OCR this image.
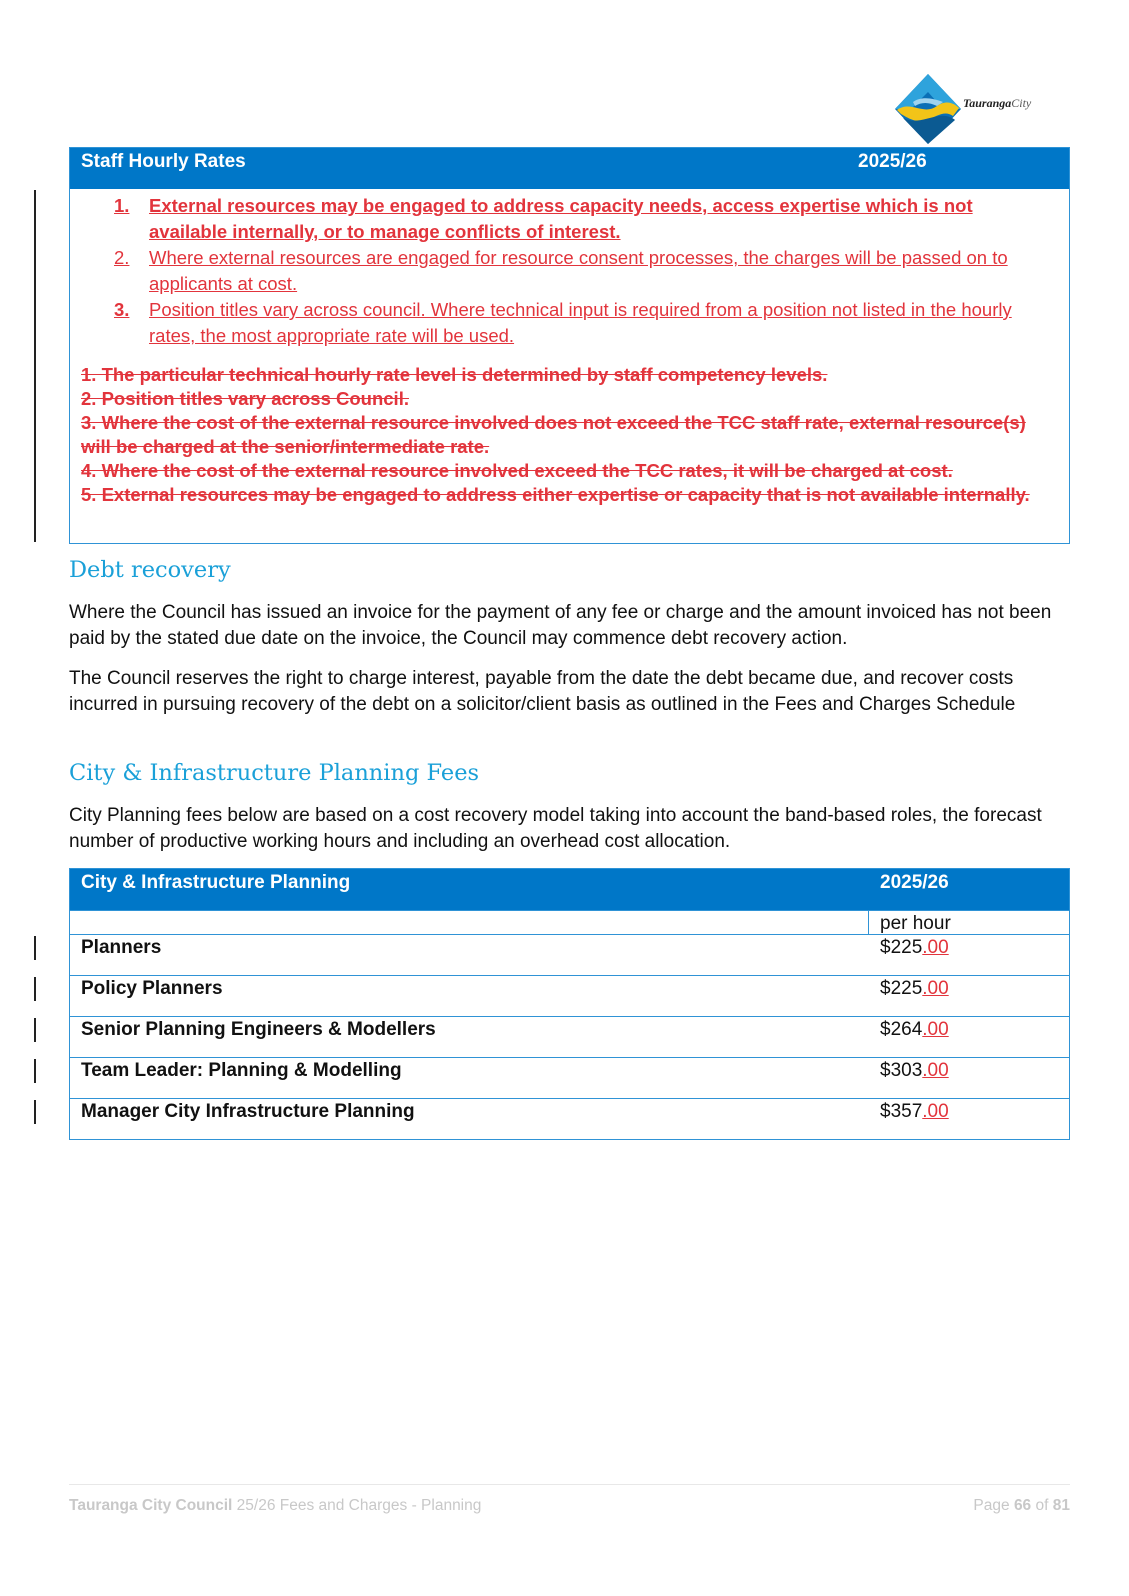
TaurangaCity
Staff Hourly Rates	2025/26
1. External resources may be engaged to address capacity needs, access expertise which is not available internally, or to manage conflicts of interest.
2. Where external resources are engaged for resource consent processes, the charges will be passed on to applicants at cost.
3. Position titles vary across council. Where technical input is required from a position not listed in the hourly rates, the most appropriate rate will be used.

1. The particular technical hourly rate level is determined by staff competency levels.

2. Position titles vary across Council.

3. Where the cost of the external resource involved does not exceed the TCC staff rate, external resource(s) will be charged at the senior/intermediate rate.

4. Where the cost of the external resource involved exceed the TCC rates, it will be charged at cost.

5. External resources may be engaged to address either expertise or capacity that is not available internally.

Debt recovery

Where the Council has issued an invoice for the payment of any fee or charge and the amount invoiced has not been paid by the stated due date on the invoice, the Council may commence debt recovery action.

The Council reserves the right to charge interest, payable from the date the debt became due, and recover costs incurred in pursuing recovery of the debt on a solicitor/client basis as outlined in the Fees and Charges Schedule

City & Infrastructure Planning Fees

City Planning fees below are based on a cost recovery model taking into account the band-based roles, the forecast number of productive working hours and including an overhead cost allocation.

City & Infrastructure Planning	2025/26
per hour
Planners	$225.00
Policy Planners	$225.00
Senior Planning Engineers & Modellers	$264.00
Team Leader: Planning & Modelling	$303.00
Manager City Infrastructure Planning	$357.00
Tauranga City Council 25/26 Fees and Charges - Planning	Page 66 of 81
